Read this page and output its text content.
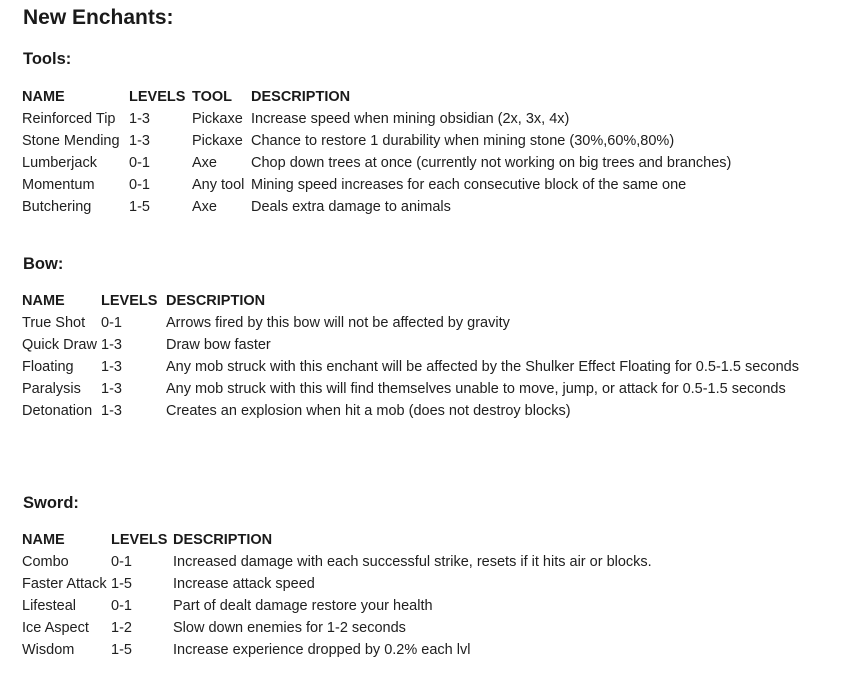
New Enchants:
Tools:
NAME	LEVELS	TOOL	DESCRIPTION
Reinforced Tip	1-3	Pickaxe	Increase speed when mining obsidian (2x, 3x, 4x)
Stone Mending	1-3	Pickaxe	Chance to restore 1 durability when mining stone (30%,60%,80%)
Lumberjack	0-1	Axe	Chop down trees at once (currently not working on big trees and branches)
Momentum	0-1	Any tool	Mining speed increases for each consecutive block of the same one
Butchering	1-5	Axe	Deals extra damage to animals
Bow:
NAME	LEVELS	DESCRIPTION
True Shot	0-1	Arrows fired by this bow will not be affected by gravity
Quick Draw	1-3	Draw bow faster
Floating	1-3	Any mob struck with this enchant will be affected by the Shulker Effect Floating for 0.5-1.5 seconds
Paralysis	1-3	Any mob struck with this will find themselves unable to move, jump, or attack for 0.5-1.5 seconds
Detonation	1-3	Creates an explosion when hit a mob (does not destroy blocks)
Sword:
NAME	LEVELS	DESCRIPTION
Combo	0-1	Increased damage with each successful strike, resets if it hits air or blocks.
Faster Attack	1-5	Increase attack speed
Lifesteal	0-1	Part of dealt damage restore your health
Ice Aspect	1-2	Slow down enemies for 1-2 seconds
Wisdom	1-5	Increase experience dropped by 0.2% each lvl
